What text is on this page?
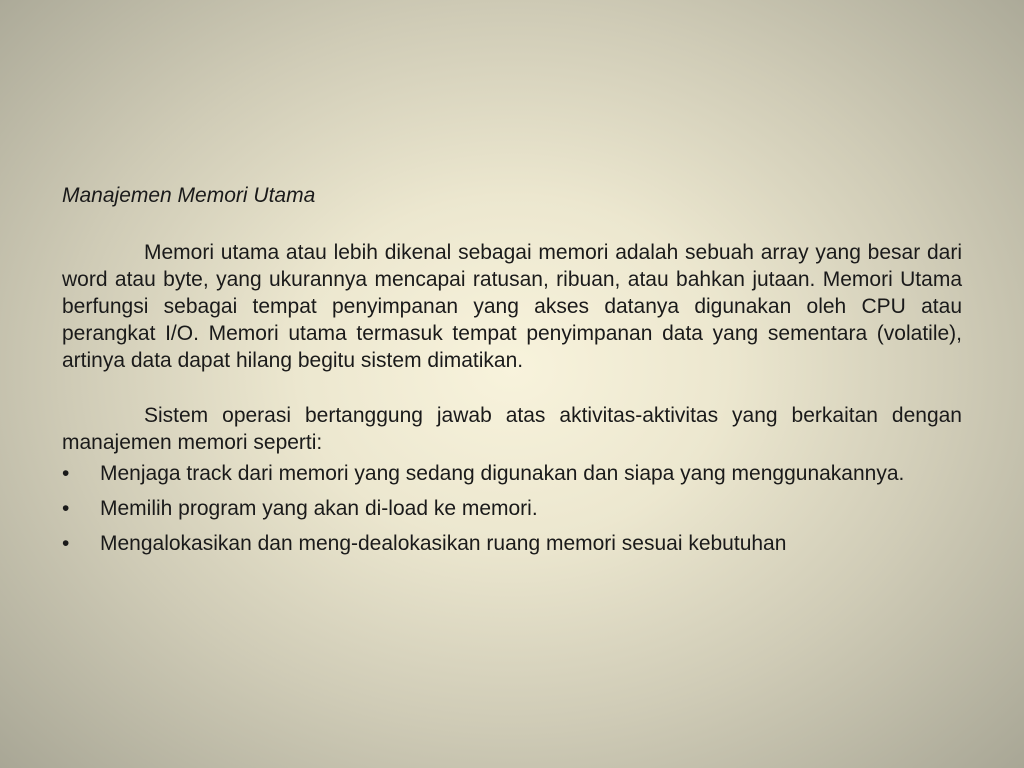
Manajemen Memori Utama

Memori utama atau lebih dikenal sebagai memori adalah sebuah array yang besar dari word atau byte, yang ukurannya mencapai ratusan, ribuan, atau bahkan jutaan. Memori Utama berfungsi sebagai tempat penyimpanan yang akses datanya digunakan oleh CPU atau perangkat I/O. Memori utama termasuk tempat penyimpanan data yang sementara (volatile), artinya data dapat hilang begitu sistem dimatikan.

Sistem operasi bertanggung jawab atas aktivitas-aktivitas yang berkaitan dengan manajemen memori seperti:

•	Menjaga track dari memori yang sedang digunakan dan siapa yang menggunakannya.
•	Memilih program yang akan di-load ke memori.
•	Mengalokasikan dan meng-dealokasikan ruang memori sesuai kebutuhan
